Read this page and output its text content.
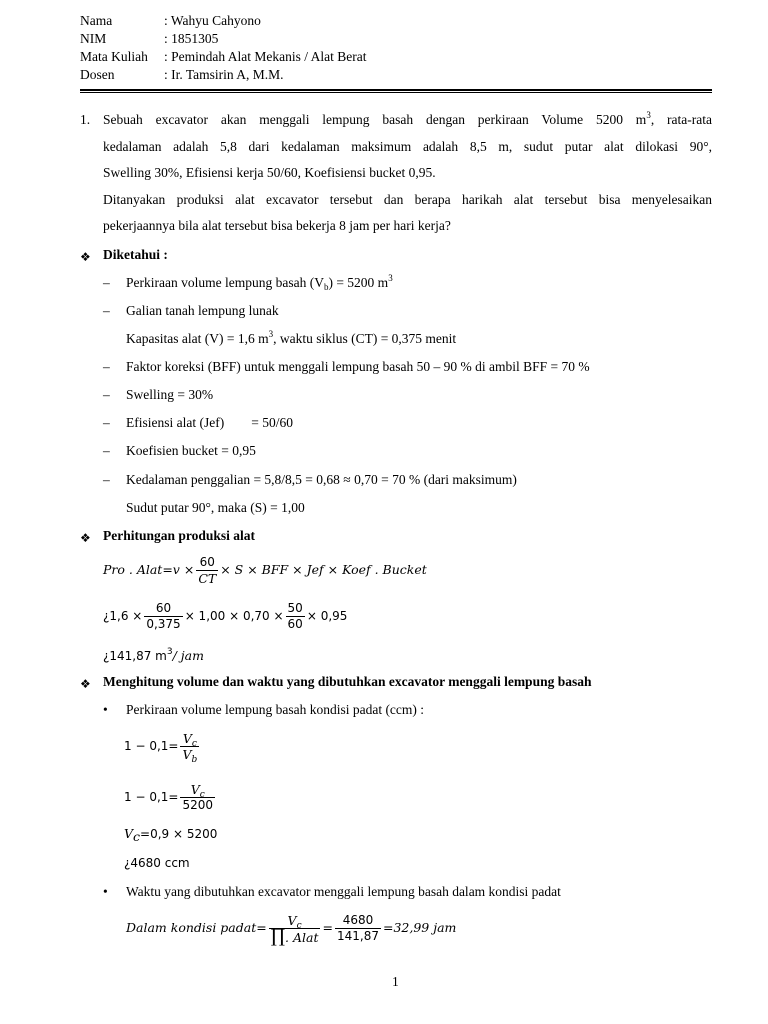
Nama	: Wahyu Cahyono
NIM	: 1851305
Mata Kuliah : Pemindah Alat Mekanis / Alat Berat
Dosen	: Ir. Tamsirin A, M.M.
1. Sebuah excavator akan menggali lempung basah dengan perkiraan Volume 5200 $m^3$, rata-rata
kedalaman adalah 5,8 dari kedalaman maksimum adalah 8,5 m, sudut putar alat dilokasi 90°,
Swelling 30%, Efisiensi kerja 50/60, Koefisiensi bucket 0,95.
Ditanyakan produksi alat excavator tersebut dan berapa harikah alat tersebut bisa menyelesaikan
pekerjaannya bila alat tersebut bisa bekerja 8 jam per hari kerja?
❖ Diketahui :
– Perkiraan volume lempung basah $(V_b) = 5200$ $m^3$
– Galian tanah lempung lunak
Kapasitas alat (V) = 1,6 $m^3$, waktu siklus (CT) = 0,375 menit
– Faktor koreksi (BFF) untuk menggali lempung basah 50 – 90 % di ambil BFF = 70 %
– Swelling = 30%
– Efisiensi alat (Jef)        = 50/60
– Koefisien bucket = 0,95
– Kedalaman penggalian = 5,8/8,5 = 0,68 ≈ 0,70 = 70 % (dari maksimum)
Sudut putar 90°, maka (S) = 1,00
❖ Perhitungan produksi alat
Pro . Alat=v × $\frac{60}{CT} \times S$ × BFF × Jef × Koef . Bucket
¿$1,6 \times \frac{60}{0,375} \times 1,00 \times 0,70 \times \frac{50}{60} \times 0,95$
¿141,87 $m^3/$ jam
❖ Menghitung volume dan waktu yang dibutuhkan excavator menggali lempung basah
• Perkiraan volume lempung basah kondisi padat (ccm) :
$1 - 0,1= \frac{V_c}{V_b}$
$1 - 0,1= \frac{V_c}{5200}$
$V_c=0,9 \times 5200$
¿4680 ccm
• Waktu yang dibutuhkan excavator menggali lempung basah dalam kondisi padat
Dalam kondisi padat= $\frac{V_c}{\text{∏. Alat}} = \frac{4680}{141,87} =32,99$ jam
1
